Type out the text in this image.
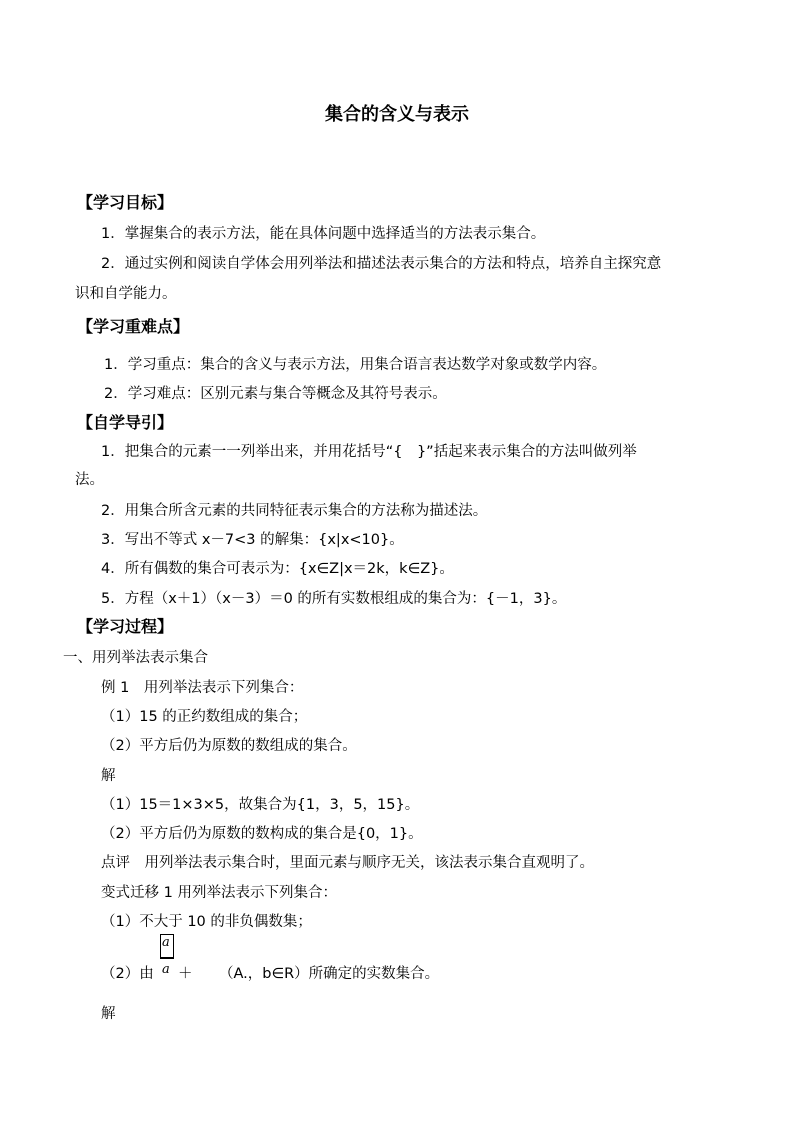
集合的含义与表示
【学习目标】
1．掌握集合的表示方法，能在具体问题中选择适当的方法表示集合。
2．通过实例和阅读自学体会用列举法和描述法表示集合的方法和特点，培养自主探究意
识和自学能力。
【学习重难点】
1．学习重点：集合的含义与表示方法，用集合语言表达数学对象或数学内容。
2．学习难点：区别元素与集合等概念及其符号表示。
【自学导引】
1．把集合的元素一一列举出来，并用花括号“{　}”括起来表示集合的方法叫做列举
法。
2．用集合所含元素的共同特征表示集合的方法称为描述法。
3．写出不等式 x－7<3 的解集：{x|x<10}。
4．所有偶数的集合可表示为：{x∈Z|x＝2k，k∈Z}。
5．方程（x＋1）（x－3）＝0 的所有实数根组成的集合为：{－1，3}。
【学习过程】
一、用列举法表示集合
例 1　用列举法表示下列集合：
（1）15 的正约数组成的集合；
（2）平方后仍为原数的数组成的集合。
解
（1）15＝1×3×5，故集合为{1，3，5，15}。
（2）平方后仍为原数的数构成的集合是{0，1}。
点评　用列举法表示集合时，里面元素与顺序无关，该法表示集合直观明了。
变式迁移 1 用列举法表示下列集合：
（1）不大于 10 的非负偶数集；
a
a
（2）由 ＋ （A.，b∈R）所确定的实数集合。
解
